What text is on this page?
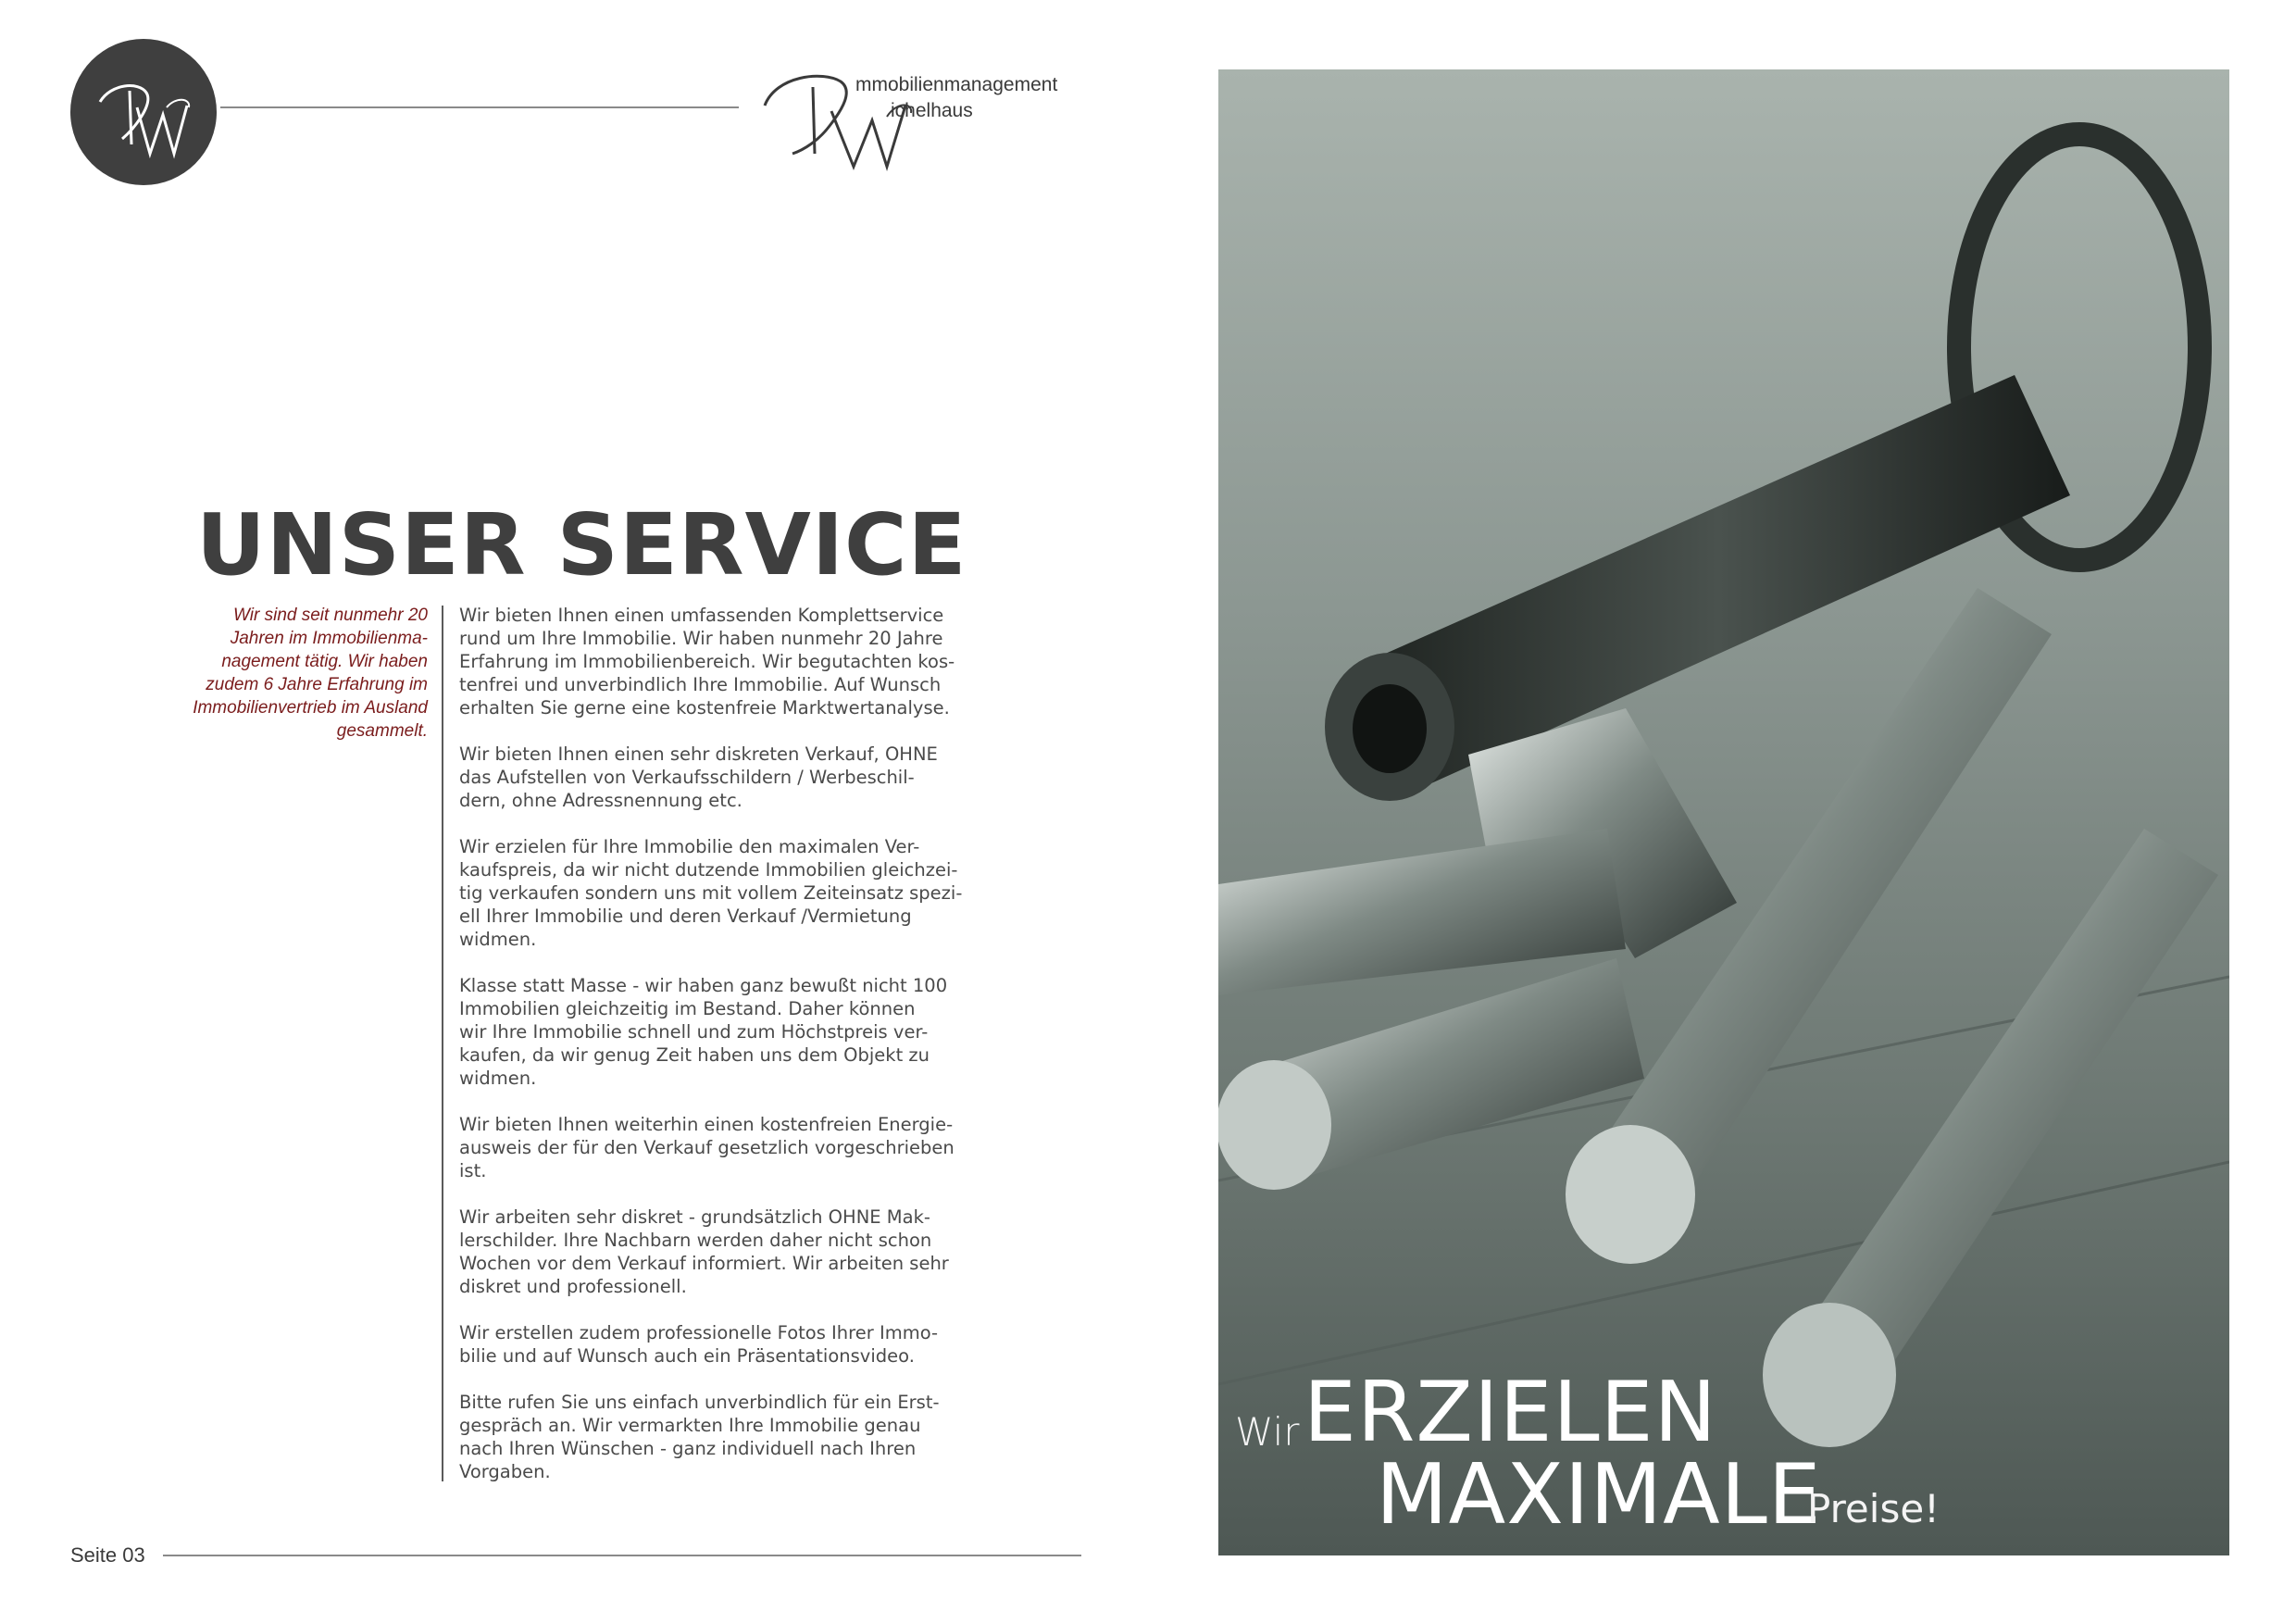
mmobilienmanagement
ichelhaus
UNSER SERVICE
Wir sind seit nunmehr 20 Jahren im Immobilienma-nagement tätig. Wir haben zudem 6 Jahre Erfahrung im Immobilienvertrieb im Ausland gesammelt.

Wir bieten Ihnen einen umfassenden Komplettservice
rund um Ihre Immobilie. Wir haben nunmehr 20 Jahre
Erfahrung im Immobilienbereich. Wir begutachten kos-
tenfrei und unverbindlich Ihre Immobilie. Auf Wunsch
erhalten Sie gerne eine kostenfreie Marktwertanalyse.

Wir bieten Ihnen einen sehr diskreten Verkauf, OHNE
das Aufstellen von Verkaufsschildern / Werbeschil-
dern, ohne Adressnennung etc.

Wir erzielen für Ihre Immobilie den maximalen Ver-
kaufspreis, da wir nicht dutzende Immobilien gleichzei-
tig verkaufen sondern uns mit vollem Zeiteinsatz spezi-
ell Ihrer Immobilie und deren Verkauf /Vermietung
widmen.

Klasse statt Masse - wir haben ganz bewußt nicht 100
Immobilien gleichzeitig im Bestand. Daher können
wir Ihre Immobilie schnell und zum Höchstpreis ver-
kaufen, da wir genug Zeit haben uns dem Objekt zu
widmen.

Wir bieten Ihnen weiterhin einen kostenfreien Energie-
ausweis der für den Verkauf gesetzlich vorgeschrieben
ist.

Wir arbeiten sehr diskret - grundsätzlich OHNE Mak-
lerschilder. Ihre Nachbarn werden daher nicht schon
Wochen vor dem Verkauf informiert. Wir arbeiten sehr
diskret und professionell.

Wir erstellen zudem professionelle Fotos Ihrer Immo-
bilie und auf Wunsch auch ein Präsentationsvideo.

Bitte rufen Sie uns einfach unverbindlich für ein Erst-
gespräch an. Wir vermarkten Ihre Immobilie genau
nach Ihren Wünschen - ganz individuell nach Ihren
Vorgaben.

Seite 03
Wir ERZIELEN
MAXIMALE
Preise!
